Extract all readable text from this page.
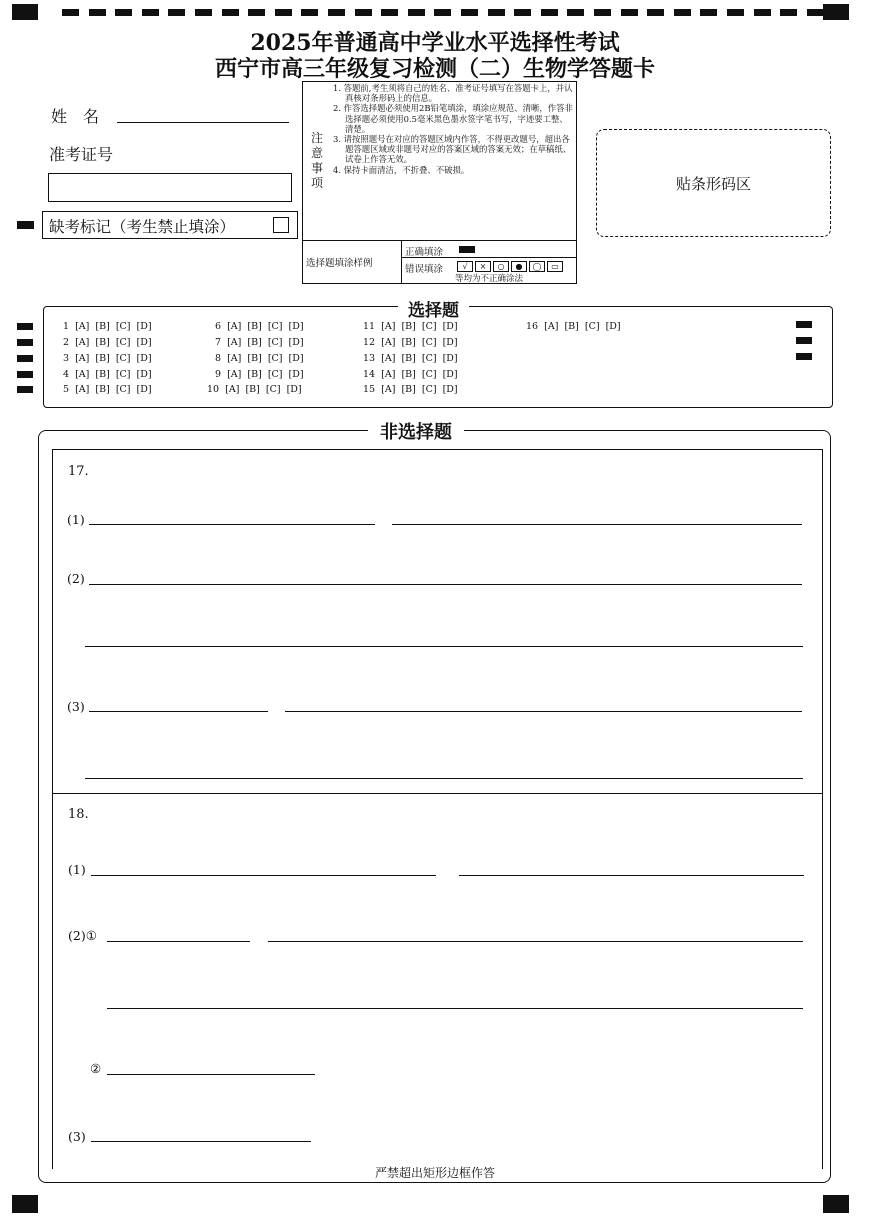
2025年普通高中学业水平选择性考试
西宁市高三年级复习检测（二）生物学答题卡
姓　名
准考证号
缺考标记（考生禁止填涂）
注
意
事
项
1. 答题前,考生须将自己的姓名、准考证号填写在答题卡上，并认真核对条形码上的信息。
2. 作答选择题必须使用2B铅笔填涂，填涂应规范、清晰，作答非选择题必须使用0.5毫米黑色墨水签字笔书写，字迹要工整、清楚。
3. 请按照题号在对应的答题区域内作答，不得更改题号，超出各题答题区域或非题号对应的答案区域的答案无效；在草稿纸、试卷上作答无效。
4. 保持卡面清洁，不折叠、不破损。
选择题填涂样例
正确填涂
错误填涂	√	×	○	●	◯	▭
等均为不正确涂法
贴条形码区
选择题
1  [A]  [B]  [C]  [D]
2  [A]  [B]  [C]  [D]
3  [A]  [B]  [C]  [D]
4  [A]  [B]  [C]  [D]
5  [A]  [B]  [C]  [D]
6  [A]  [B]  [C]  [D]
7  [A]  [B]  [C]  [D]
8  [A]  [B]  [C]  [D]
9  [A]  [B]  [C]  [D]
10  [A]  [B]  [C]  [D]
11  [A]  [B]  [C]  [D]
12  [A]  [B]  [C]  [D]
13  [A]  [B]  [C]  [D]
14  [A]  [B]  [C]  [D]
15  [A]  [B]  [C]  [D]
16  [A]  [B]  [C]  [D]
非选择题
17.
(1)
(2)
(3)
18.
(1)
(2)①
②
(3)
严禁超出矩形边框作答
